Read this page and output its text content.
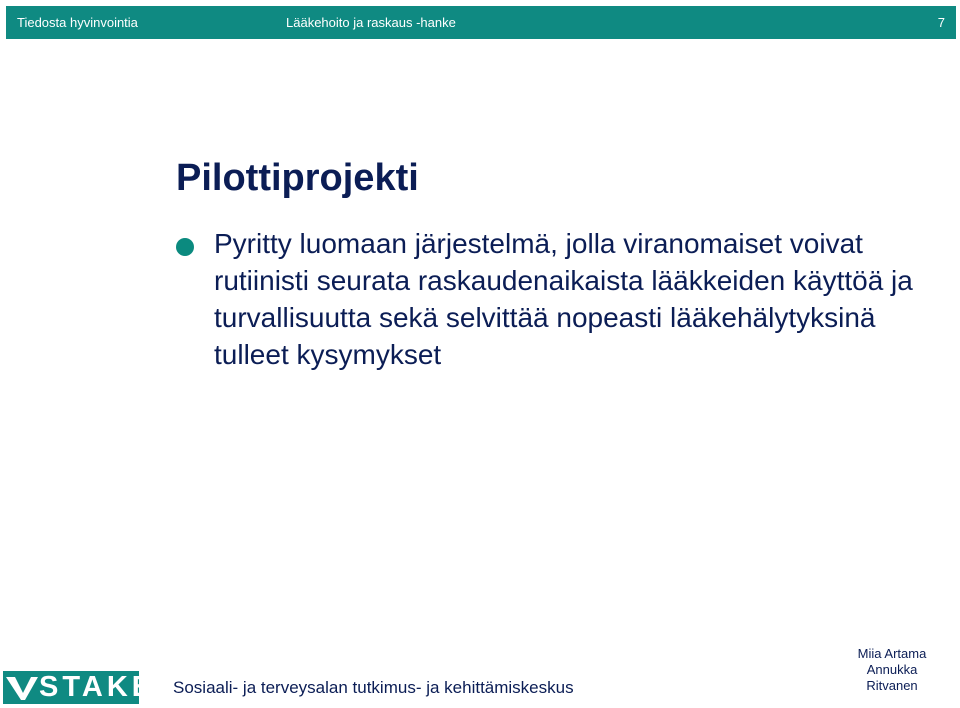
Tiedosta hyvinvointia	Lääkehoito ja raskaus -hanke	7
Pilottiprojekti
Pyritty luomaan järjestelmä, jolla viranomaiset voivat rutiinisti seurata raskaudenaikaista lääkkeiden käyttöä ja turvallisuutta sekä selvittää nopeasti lääkehälytyksinä tulleet kysymykset
STAKES
Sosiaali- ja terveysalan tutkimus- ja kehittämiskeskus
Miia Artama
Annukka
Ritvanen
